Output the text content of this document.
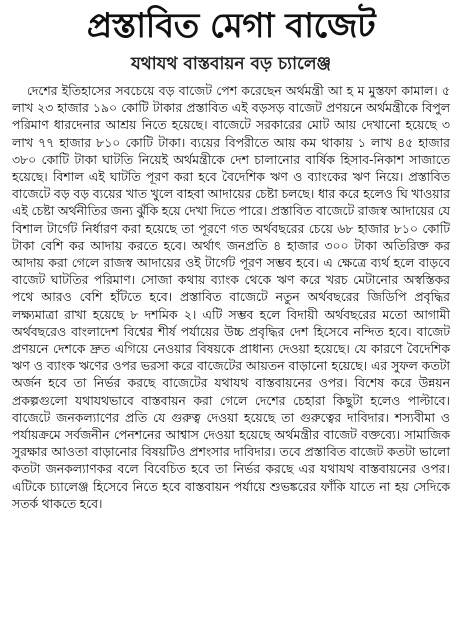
প্রস্তাবিত মেগা বাজেট
যথাযথ বাস্তবায়ন বড় চ্যালেঞ্জ

দেশের ইতিহাসের সবচেয়ে বড় বাজেট পেশ করেছেন অর্থমন্ত্রী আ হ ম মুস্তফা কামাল। ৫ লাখ ২৩ হাজার ১৯০ কোটি টাকার প্রস্তাবিত এই বড়সড় বাজেট প্রণয়নে অর্থমন্ত্রীকে বিপুল পরিমাণ ধারদেনার আশ্রয় নিতে হয়েছে। বাজেটে সরকারের মোট আয় দেখানো হয়েছে ৩ লাখ ৭৭ হাজার ৮১০ কোটি টাকা। ব্যয়ের বিপরীতে আয় কম থাকায় ১ লাখ ৪৫ হাজার ৩৮০ কোটি টাকা ঘাটতি নিয়েই অর্থমন্ত্রীকে দেশ চালানোর বার্ষিক হিসাব-নিকাশ সাজাতে হয়েছে। বিশাল এই ঘাটতি পূরণ করা হবে বৈদেশিক ঋণ ও ব্যাংকের ঋণ নিয়ে। প্রস্তাবিত বাজেটে বড় বড় ব্যয়ের খাত খুলে বাহবা আদায়ের চেষ্টা চলছে। ধার করে হলেও ঘি খাওয়ার এই চেষ্টা অর্থনীতির জন্য ঝুঁকি হয়ে দেখা দিতে পারে। প্রস্তাবিত বাজেটে রাজস্ব আদায়ের যে বিশাল টার্গেট নির্ধারণ করা হয়েছে তা পূরণে গত অর্থবছরের চেয়ে ৬৮ হাজার ৮১০ কোটি টাকা বেশি কর আদায় করতে হবে। অর্থাৎ জনপ্রতি ৪ হাজার ৩০০ টাকা অতিরিক্ত কর আদায় করা গেলে রাজস্ব আদায়ের ওই টার্গেট পূরণ সম্ভব হবে। এ ক্ষেত্রে ব্যর্থ হলে বাড়বে বাজেট ঘাটতির পরিমাণ। সোজা কথায় ব্যাংক থেকে ঋণ করে খরচ মেটানোর অস্বস্তিকর পথে আরও বেশি হাঁটতে হবে। প্রস্তাবিত বাজেটে নতুন অর্থবছরের জিডিপি প্রবৃদ্ধির লক্ষ্যমাত্রা রাখা হয়েছে ৮ দশমিক ২। এটি সম্ভব হলে বিদায়ী অর্থবছরের মতো আগামী অর্থবছরেও বাংলাদেশ বিশ্বের শীর্ষ পর্যায়ের উচ্চ প্রবৃদ্ধির দেশ হিসেবে নন্দিত হবে। বাজেট প্রণয়নে দেশকে দ্রুত এগিয়ে নেওয়ার বিষয়কে প্রাধান্য দেওয়া হয়েছে। যে কারণে বৈদেশিক ঋণ ও ব্যাংক ঋণের ওপর ভরসা করে বাজেটের আয়তন বাড়ানো হয়েছে। এর সুফল কতটা অর্জন হবে তা নির্ভর করছে বাজেটের যথাযথ বাস্তবায়নের ওপর। বিশেষ করে উন্নয়ন প্রকল্পগুলো যথাযথভাবে বাস্তবায়ন করা গেলে দেশের চেহারা কিছুটা হলেও পাল্টাবে। বাজেটে জনকল্যাণের প্রতি যে গুরুত্ব দেওয়া হয়েছে তা গুরুত্বের দাবিদার। শস্যবীমা ও পর্যায়ক্রমে সর্বজনীন পেনশনের আশ্বাস দেওয়া হয়েছে অর্থমন্ত্রীর বাজেট বক্তব্যে। সামাজিক সুরক্ষার আওতা বাড়ানোর বিষয়টিও প্রশংসার দাবিদার। তবে প্রস্তাবিত বাজেট কতটা ভালো কতটা জনকল্যাণকর বলে বিবেচিত হবে তা নির্ভর করছে এর যথাযথ বাস্তবায়নের ওপর। এটিকে চ্যালেঞ্জ হিসেবে নিতে হবে বাস্তবায়ন পর্যায়ে শুভঙ্করের ফাঁকি যাতে না হয় সেদিকে সতর্ক থাকতে হবে।
